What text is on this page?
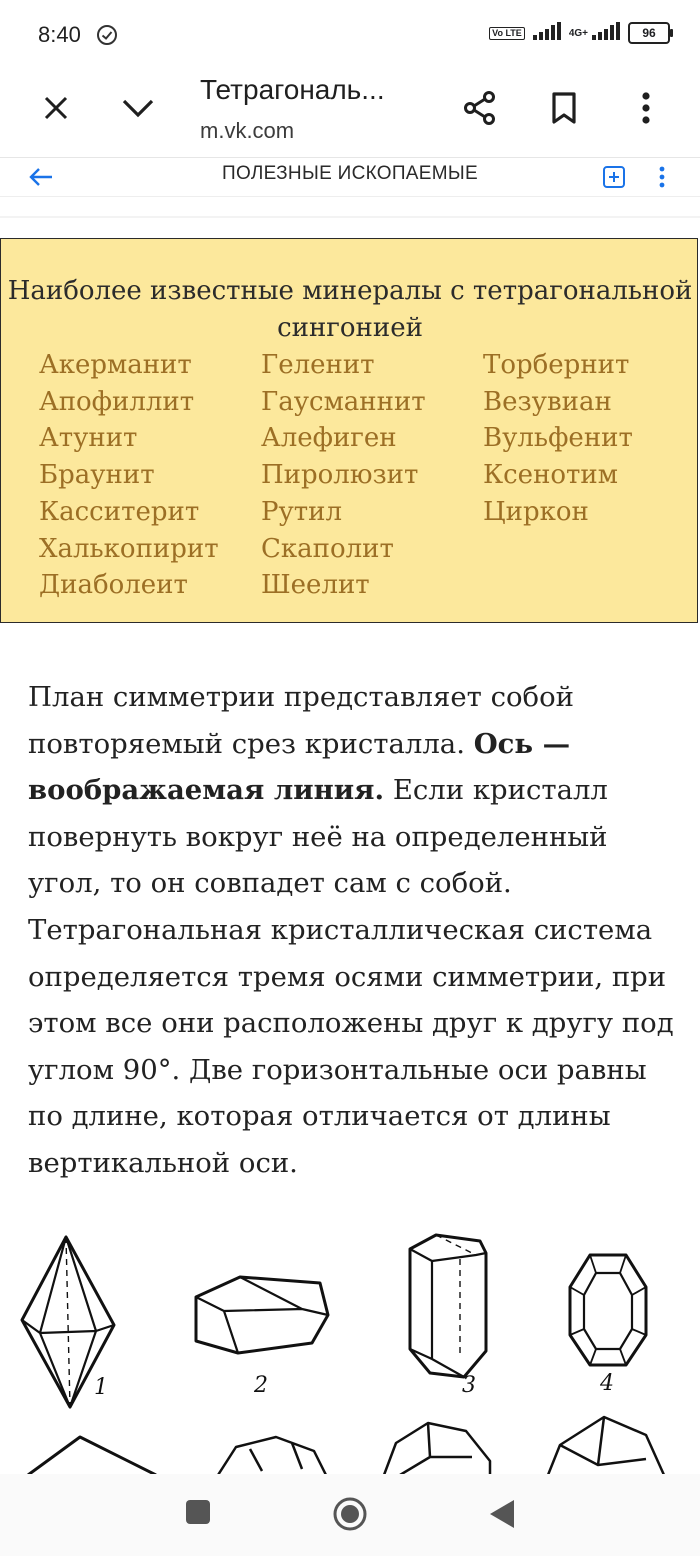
8:40	Vo LTE	4G+	96
Тетрагональ...
m.vk.com
ПОЛЕЗНЫЕ ИСКОПАЕМЫЕ
Наиболее известные минералы с тетрагональной
сингонией
Акерманит
Апофиллит
Атунит
Браунит
Касситерит
Халькопирит
Диаболеит
Геленит
Гаусманнит
Алефиген
Пиролюзит
Рутил
Скаполит
Шеелит
Торбернит
Везувиан
Вульфенит
Ксенотим
Циркон
План симметрии представляет собой повторяемый срез кристалла. Ось — воображаемая линия. Если кристалл повернуть вокруг неё на определенный угол, то он совпадет сам с собой. Тетрагональная кристаллическая система определяется тремя осями симметрии, при этом все они расположены друг к другу под углом 90°. Две горизонтальные оси равны по длине, которая отличается от длины вертикальной оси.
1	2	3	4
